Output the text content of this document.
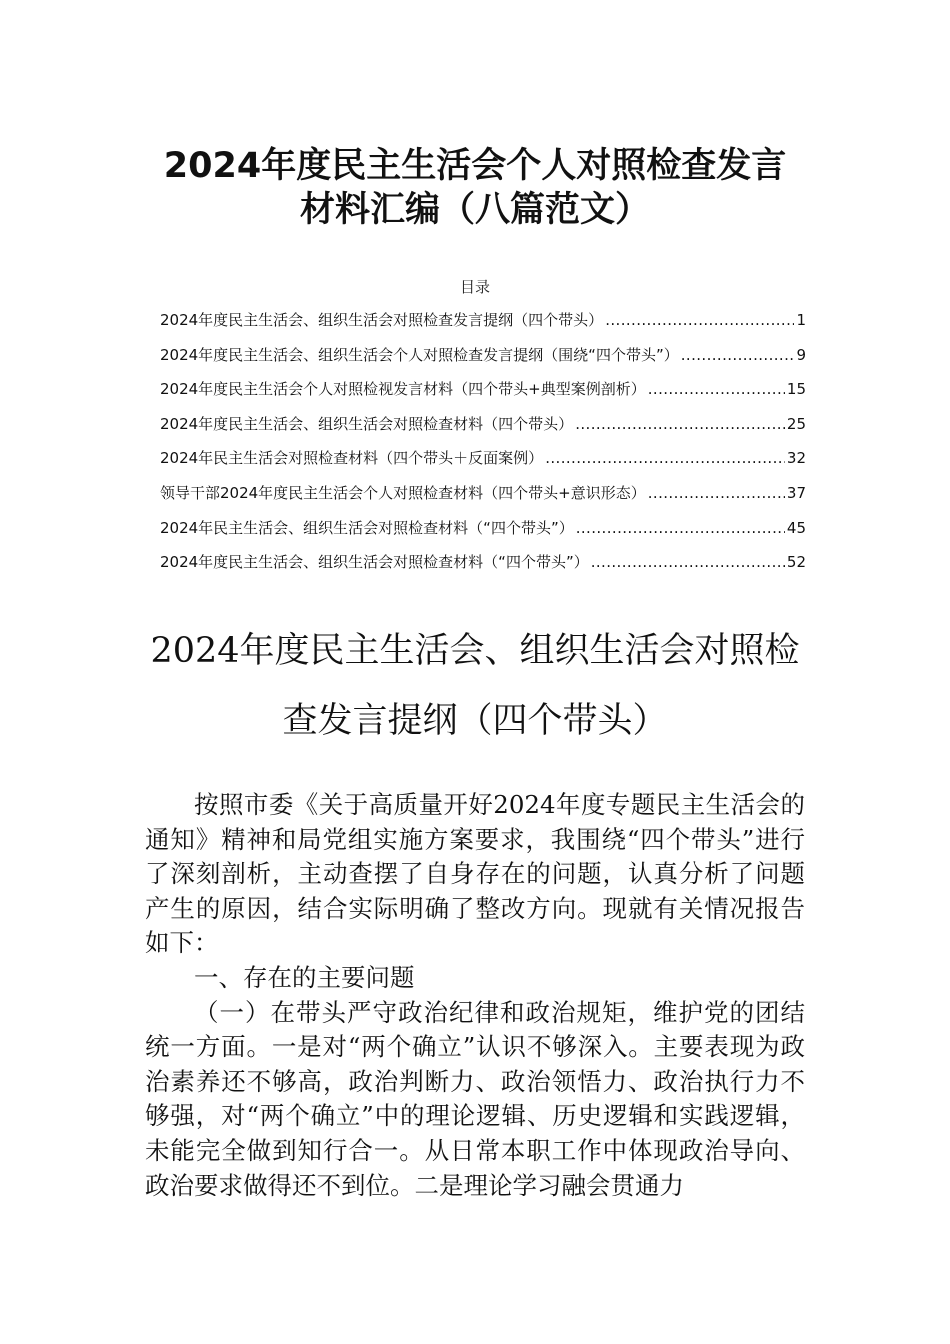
2024年度民主生活会个人对照检查发言
材料汇编（八篇范文）
目录
2024年度民主生活会、组织生活会对照检查发言提纲（四个带头） .....	1
2024年度民主生活会、组织生活会个人对照检查发言提纲（围绕“四个带头”） .....	9
2024年度民主生活会个人对照检视发言材料（四个带头+典型案例剖析） .....	15
2024年度民主生活会、组织生活会对照检查材料（四个带头） .....	25
2024年民主生活会对照检查材料（四个带头＋反面案例） .....	32
领导干部2024年度民主生活会个人对照检查材料（四个带头+意识形态） .....	37
2024年民主生活会、组织生活会对照检查材料（“四个带头”） .....	45
2024年度民主生活会、组织生活会对照检查材料（“四个带头”） .....	52
2024年度民主生活会、组织生活会对照检
查发言提纲（四个带头）

按照市委《关于高质量开好2024年度专题民主生活会的通知》精神和局党组实施方案要求，我围绕“四个带头”进行了深刻剖析，主动查摆了自身存在的问题，认真分析了问题产生的原因，结合实际明确了整改方向。现就有关情况报告如下：

一、存在的主要问题

（一）在带头严守政治纪律和政治规矩，维护党的团结统一方面。一是对“两个确立”认识不够深入。主要表现为政治素养还不够高，政治判断力、政治领悟力、政治执行力不够强，对“两个确立”中的理论逻辑、历史逻辑和实践逻辑，未能完全做到知行合一。从日常本职工作中体现政治导向、政治要求做得还不到位。二是理论学习融会贯通力
